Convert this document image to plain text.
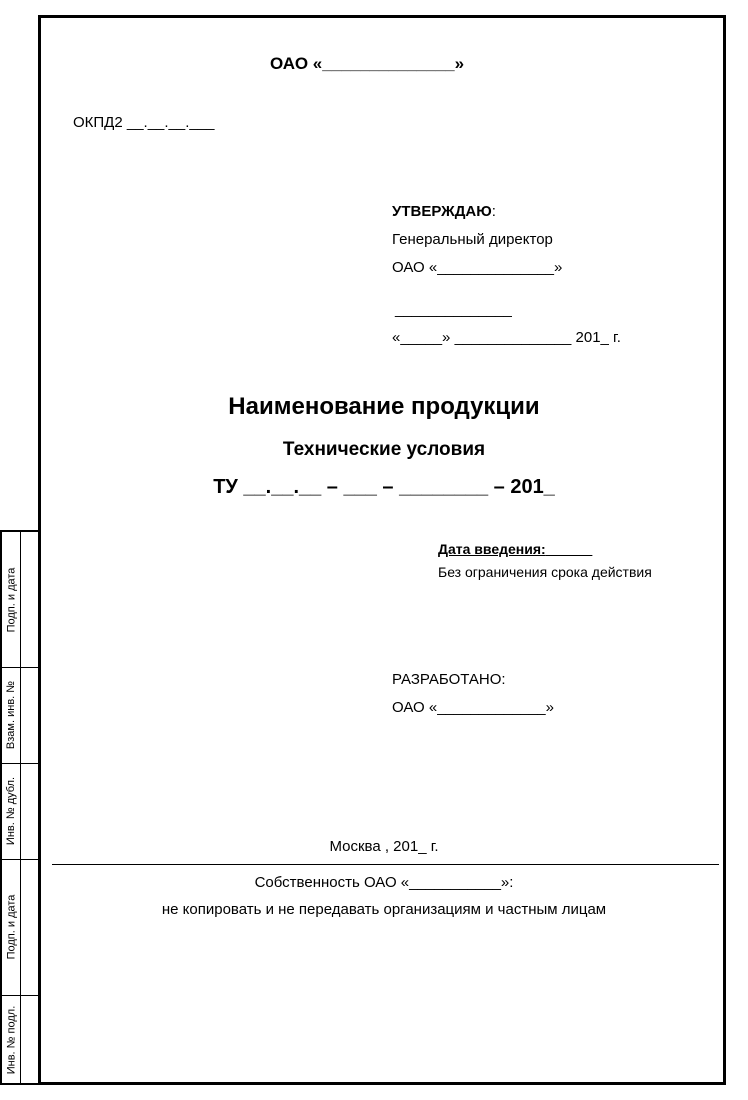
Подп. и дата
Взам. инв. №
Инв. № дубл.
Подп. и дата
Инв. № подл.
ОАО «______________»
ОКПД2 __.__.__.___
УТВЕРЖДАЮ:
Генеральный директор
ОАО «______________»
______________
«_____» ______________ 201_ г.
Наименование продукции
Технические условия
ТУ __.__.__ – ___ – ________ – 201_
Дата введения:
Без ограничения срока действия
РАЗРАБОТАНО:
ОАО «_____________»
Москва , 201_ г.
Собственность ОАО «___________»:
не копировать и не передавать организациям и частным лицам
